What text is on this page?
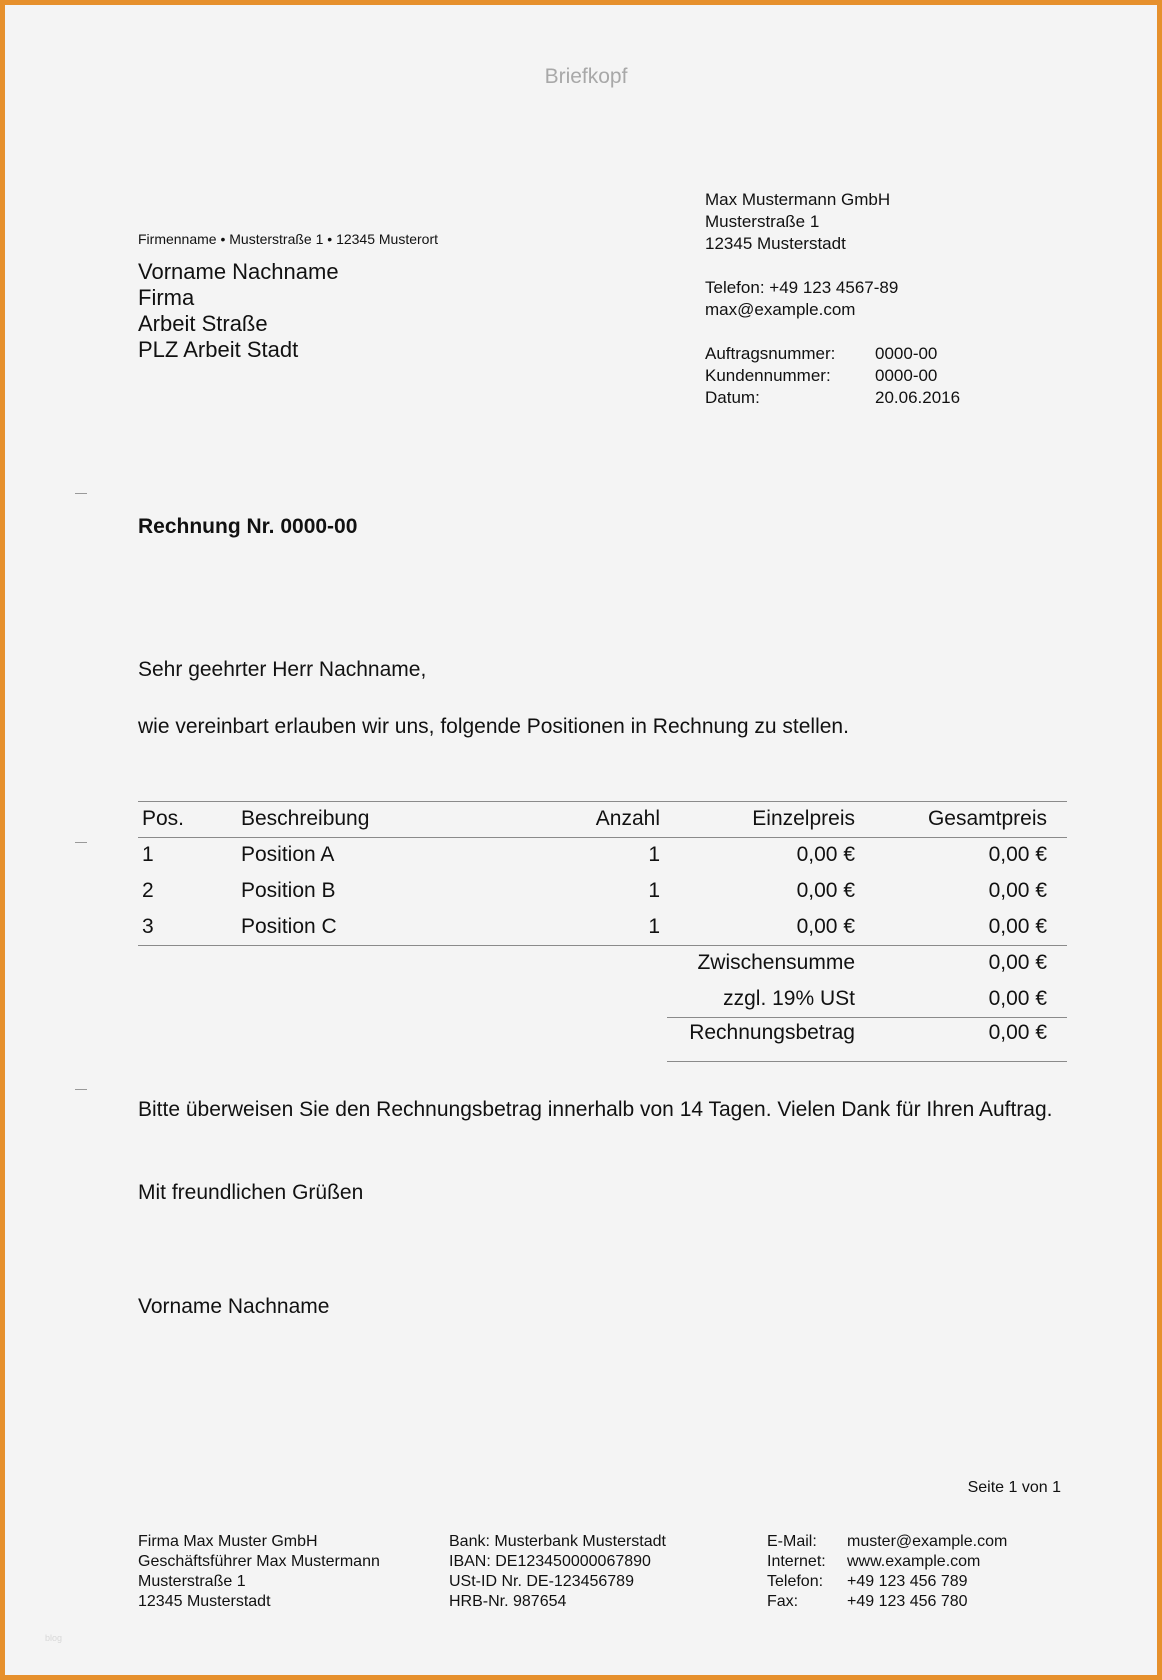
Briefkopf
Firmenname • Musterstraße 1 • 12345 Musterort
Vorname Nachname
Firma
Arbeit Straße
PLZ Arbeit Stadt
Max Mustermann GmbH
Musterstraße 1
12345 Musterstadt
Telefon: +49 123 4567-89
max@example.com
Auftragsnummer:	0000-00
Kundennummer:	0000-00
Datum:	20.06.2016
Rechnung Nr. 0000-00
Sehr geehrter Herr Nachname,
wie vereinbart erlauben wir uns, folgende Positionen in Rechnung zu stellen.
Pos.	Beschreibung	Anzahl	Einzelpreis	Gesamtpreis
1	Position A	1	0,00 €	0,00 €
2	Position B	1	0,00 €	0,00 €
3	Position C	1	0,00 €	0,00 €
Zwischensumme	0,00 €
zzgl. 19% USt	0,00 €
Rechnungsbetrag	0,00 €
Bitte überweisen Sie den Rechnungsbetrag innerhalb von 14 Tagen. Vielen Dank für Ihren Auftrag.
Mit freundlichen Grüßen
Vorname Nachname
Seite 1 von 1
Firma Max Muster GmbH
Geschäftsführer Max Mustermann
Musterstraße 1
12345 Musterstadt
Bank: Musterbank Musterstadt
IBAN: DE123450000067890
USt-ID Nr. DE-123456789
HRB-Nr. 987654
E-Mail:	muster@example.com
Internet:	www.example.com
Telefon:	+49 123 456 789
Fax:	+49 123 456 780
blog
